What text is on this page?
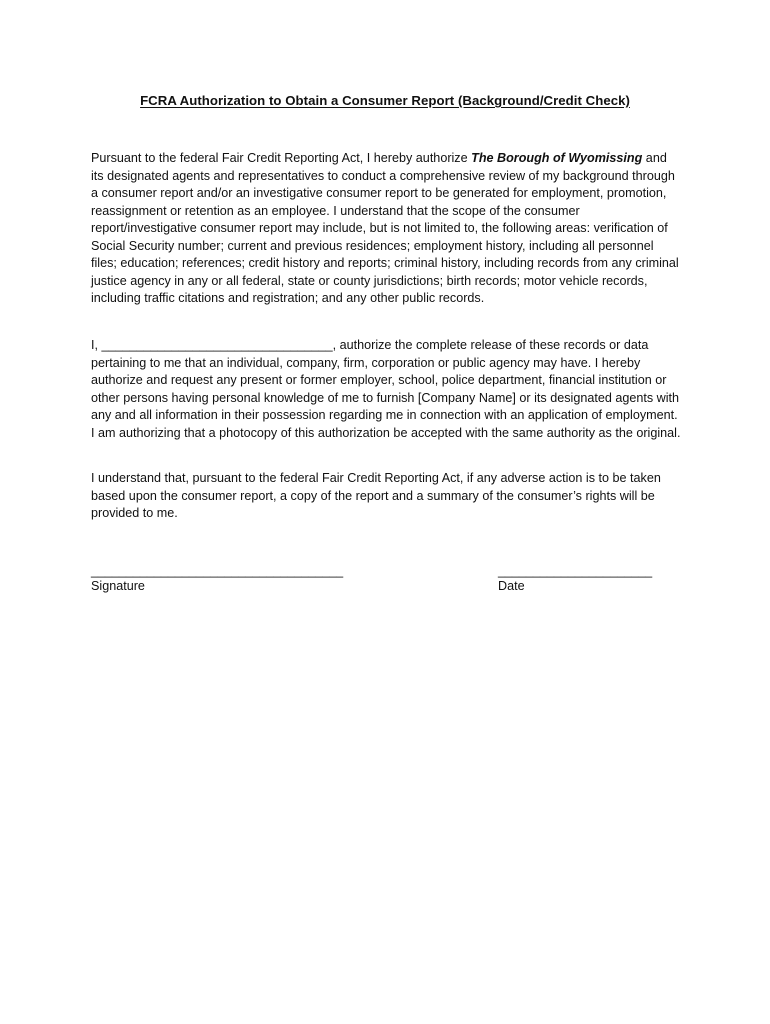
FCRA Authorization to Obtain a Consumer Report (Background/Credit Check)

Pursuant to the federal Fair Credit Reporting Act, I hereby authorize The Borough of Wyomissing and its designated agents and representatives to conduct a comprehensive review of my background through a consumer report and/or an investigative consumer report to be generated for employment, promotion, reassignment or retention as an employee. I understand that the scope of the consumer report/investigative consumer report may include, but is not limited to, the following areas: verification of Social Security number; current and previous residences; employment history, including all personnel files; education; references; credit history and reports; criminal history, including records from any criminal justice agency in any or all federal, state or county jurisdictions; birth records; motor vehicle records, including traffic citations and registration; and any other public records.

I, _________________________________, authorize the complete release of these records or data pertaining to me that an individual, company, firm, corporation or public agency may have. I hereby authorize and request any present or former employer, school, police department, financial institution or other persons having personal knowledge of me to furnish [Company Name] or its designated agents with any and all information in their possession regarding me in connection with an application of employment. I am authorizing that a photocopy of this authorization be accepted with the same authority as the original.

I understand that, pursuant to the federal Fair Credit Reporting Act, if any adverse action is to be taken based upon the consumer report, a copy of the report and a summary of the consumer’s rights will be provided to me.

____________________________________
Signature
______________________
Date
